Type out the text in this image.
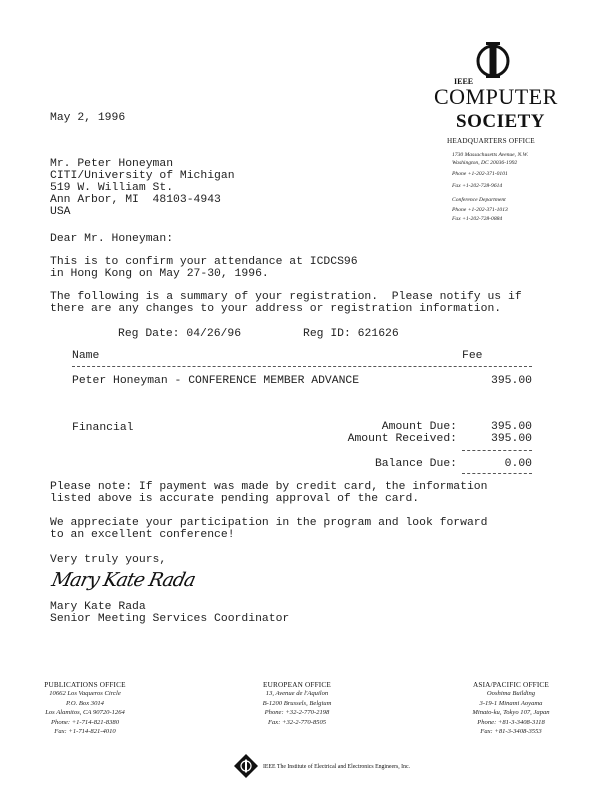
IEEE
COMPUTER
SOCIETY
HEADQUARTERS OFFICE
1730 Massachusetts Avenue, N.W.
Washington, DC 20036-1992
Phone +1-202-371-0101
Fax +1-202-728-9614
Conference Department
Phone +1-202-371-1013
Fax +1-202-728-0884
May 2, 1996
Mr. Peter Honeyman
CITI/University of Michigan
519 W. William St.
Ann Arbor, MI  48103-4943
USA
Dear Mr. Honeyman:
This is to confirm your attendance at ICDCS96
in Hong Kong on May 27-30, 1996.
The following is a summary of your registration.  Please notify us if
there are any changes to your address or registration information.
Reg Date: 04/26/96	Reg ID: 621626
Name	Fee
Peter Honeyman - CONFERENCE MEMBER ADVANCE	395.00
Financial	Amount Due:	395.00
Amount Received:	395.00
Balance Due:	0.00
Please note: If payment was made by credit card, the information
listed above is accurate pending approval of the card.
We appreciate your participation in the program and look forward
to an excellent conference!
Very truly yours,
Mary Kate Rada
Mary Kate Rada
Senior Meeting Services Coordinator
PUBLICATIONS OFFICE
10662 Los Vaqueros Circle
P.O. Box 3014
Los Alamitos, CA 90720-1264
Phone: +1-714-821-8380
Fax: +1-714-821-4010
EUROPEAN OFFICE
13, Avenue de l'Aquilon
B-1200 Brussels, Belgium
Phone: +32-2-770-2198
Fax: +32-2-770-8505
ASIA/PACIFIC OFFICE
Ooshima Building
3-19-1 Minami Aoyama
Minato-ku, Tokyo 107, Japan
Phone: +81-3-3408-3118
Fax: +81-3-3408-3553
IEEE The Institute of Electrical and Electronics Engineers, Inc.
